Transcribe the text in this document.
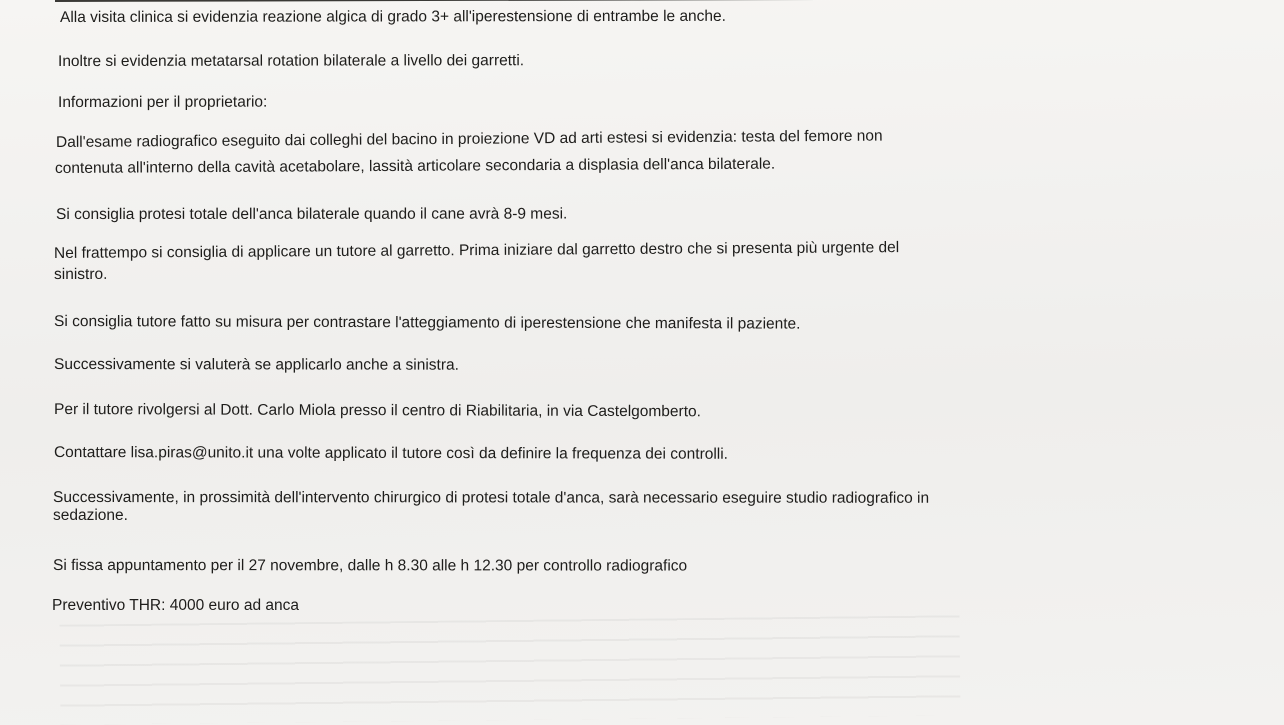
Alla visita clinica si evidenzia reazione algica di grado 3+ all'iperestensione di entrambe le anche.

Inoltre si evidenzia metatarsal rotation bilaterale a livello dei garretti.

Informazioni per il proprietario:

Dall'esame radiografico eseguito dai colleghi del bacino in proiezione VD ad arti estesi si evidenzia: testa del femore non

contenuta all'interno della cavità acetabolare, lassità articolare secondaria a displasia dell'anca bilaterale.

Si consiglia protesi totale dell'anca bilaterale quando il cane avrà 8-9 mesi.

Nel frattempo si consiglia di applicare un tutore al garretto. Prima iniziare dal garretto destro che si presenta più urgente del

sinistro.

Si consiglia tutore fatto su misura per contrastare l'atteggiamento di iperestensione che manifesta il paziente.

Successivamente si valuterà se applicarlo anche a sinistra.

Per il tutore rivolgersi al Dott. Carlo Miola presso il centro di Riabilitaria, in via Castelgomberto.

Contattare lisa.piras@unito.it una volte applicato il tutore così da definire la frequenza dei controlli.

Successivamente, in prossimità dell'intervento chirurgico di protesi totale d'anca, sarà necessario eseguire studio radiografico in

sedazione.

Si fissa appuntamento per il 27 novembre, dalle h 8.30 alle h 12.30 per controllo radiografico

Preventivo THR: 4000 euro ad anca
